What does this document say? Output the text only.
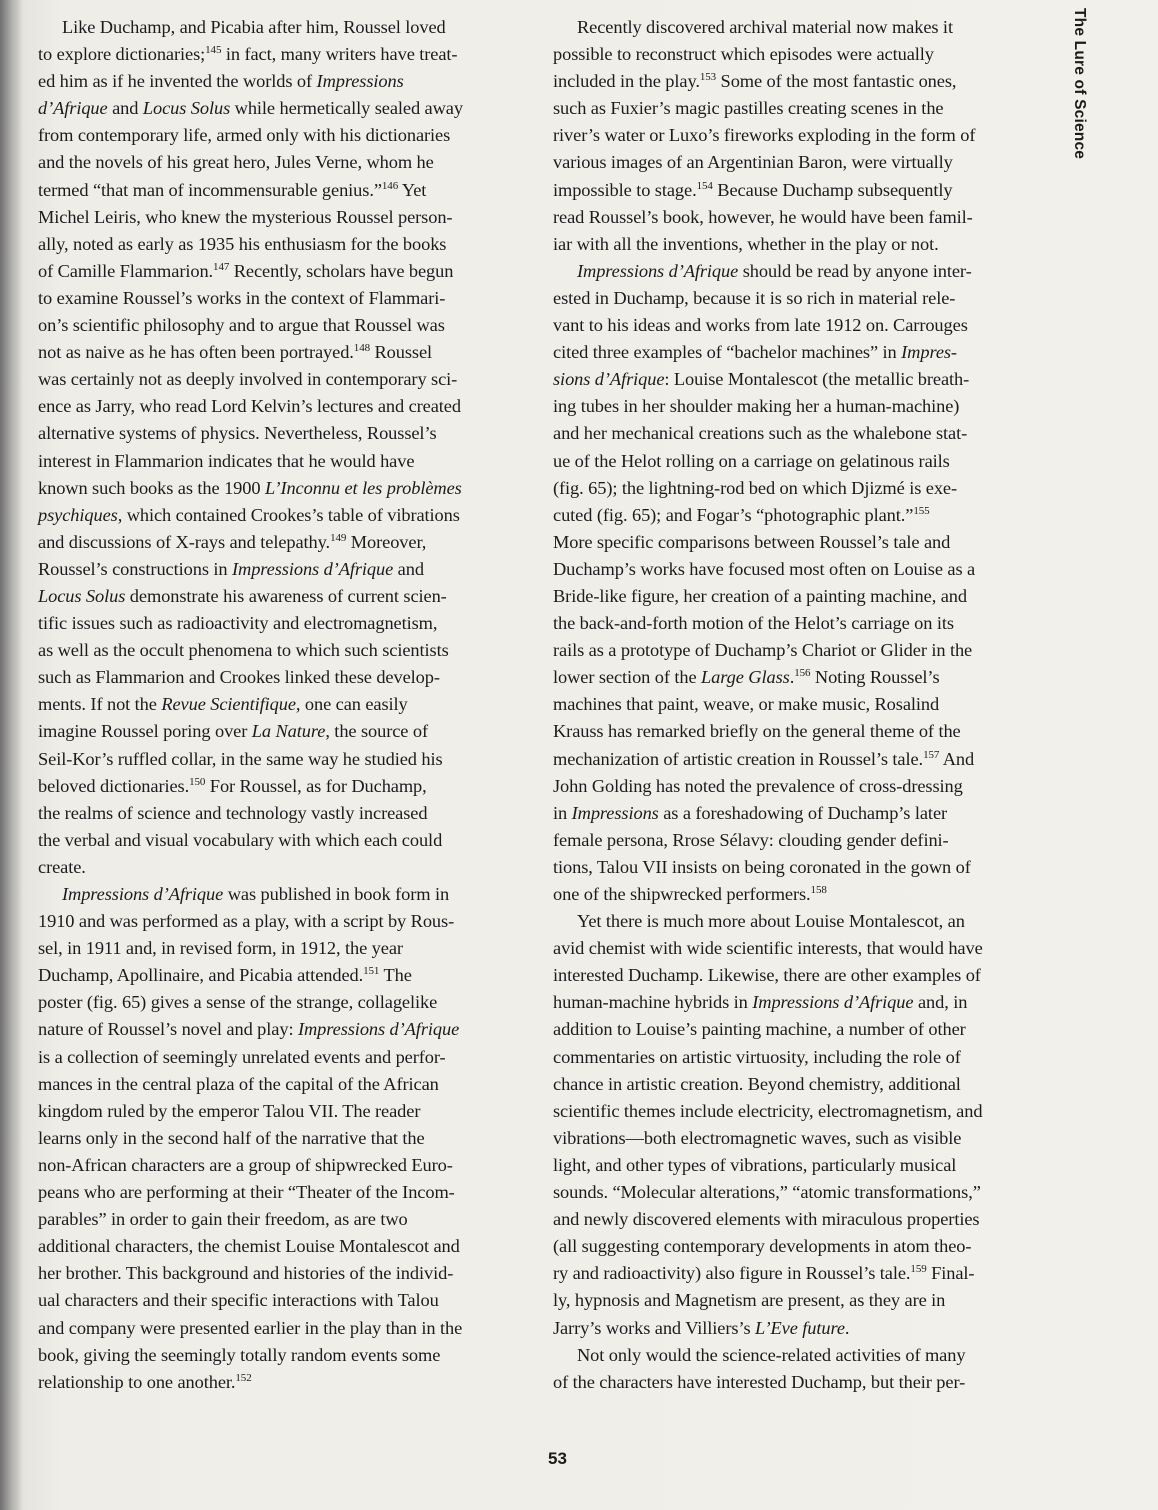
The Lure of Science
Like Duchamp, and Picabia after him, Roussel loved
to explore dictionaries;$^{145}$ in fact, many writers have treat-
ed him as if he invented the worlds of Impressions
d’Afrique and Locus Solus while hermetically sealed away
from contemporary life, armed only with his dictionaries
and the novels of his great hero, Jules Verne, whom he
termed “that man of incommensurable genius.”$^{146}$ Yet
Michel Leiris, who knew the mysterious Roussel person-
ally, noted as early as 1935 his enthusiasm for the books
of Camille Flammarion.$^{147}$ Recently, scholars have begun
to examine Roussel’s works in the context of Flammari-
on’s scientific philosophy and to argue that Roussel was
not as naive as he has often been portrayed.$^{148}$ Roussel
was certainly not as deeply involved in contemporary sci-
ence as Jarry, who read Lord Kelvin’s lectures and created
alternative systems of physics. Nevertheless, Roussel’s
interest in Flammarion indicates that he would have
known such books as the 1900 L’Inconnu et les problèmes
psychiques, which contained Crookes’s table of vibrations
and discussions of X-rays and telepathy.$^{149}$ Moreover,
Roussel’s constructions in Impressions d’Afrique and
Locus Solus demonstrate his awareness of current scien-
tific issues such as radioactivity and electromagnetism,
as well as the occult phenomena to which such scientists
such as Flammarion and Crookes linked these develop-
ments. If not the Revue Scientifique, one can easily
imagine Roussel poring over La Nature, the source of
Seil-Kor’s ruffled collar, in the same way he studied his
beloved dictionaries.$^{150}$ For Roussel, as for Duchamp,
the realms of science and technology vastly increased
the verbal and visual vocabulary with which each could
create.
Impressions d’Afrique was published in book form in
1910 and was performed as a play, with a script by Rous-
sel, in 1911 and, in revised form, in 1912, the year
Duchamp, Apollinaire, and Picabia attended.$^{151}$ The
poster (fig. 65) gives a sense of the strange, collagelike
nature of Roussel’s novel and play: Impressions d’Afrique
is a collection of seemingly unrelated events and perfor-
mances in the central plaza of the capital of the African
kingdom ruled by the emperor Talou VII. The reader
learns only in the second half of the narrative that the
non-African characters are a group of shipwrecked Euro-
peans who are performing at their “Theater of the Incom-
parables” in order to gain their freedom, as are two
additional characters, the chemist Louise Montalescot and
her brother. This background and histories of the individ-
ual characters and their specific interactions with Talou
and company were presented earlier in the play than in the
book, giving the seemingly totally random events some
relationship to one another.$^{152}$
Recently discovered archival material now makes it
possible to reconstruct which episodes were actually
included in the play.$^{153}$ Some of the most fantastic ones,
such as Fuxier’s magic pastilles creating scenes in the
river’s water or Luxo’s fireworks exploding in the form of
various images of an Argentinian Baron, were virtually
impossible to stage.$^{154}$ Because Duchamp subsequently
read Roussel’s book, however, he would have been famil-
iar with all the inventions, whether in the play or not.
Impressions d’Afrique should be read by anyone inter-
ested in Duchamp, because it is so rich in material rele-
vant to his ideas and works from late 1912 on. Carrouges
cited three examples of “bachelor machines” in Impres-
sions d’Afrique: Louise Montalescot (the metallic breath-
ing tubes in her shoulder making her a human-machine)
and her mechanical creations such as the whalebone stat-
ue of the Helot rolling on a carriage on gelatinous rails
(fig. 65); the lightning-rod bed on which Djizmé is exe-
cuted (fig. 65); and Fogar’s “photographic plant.”$^{155}$
More specific comparisons between Roussel’s tale and
Duchamp’s works have focused most often on Louise as a
Bride-like figure, her creation of a painting machine, and
the back-and-forth motion of the Helot’s carriage on its
rails as a prototype of Duchamp’s Chariot or Glider in the
lower section of the Large Glass.$^{156}$ Noting Roussel’s
machines that paint, weave, or make music, Rosalind
Krauss has remarked briefly on the general theme of the
mechanization of artistic creation in Roussel’s tale.$^{157}$ And
John Golding has noted the prevalence of cross-dressing
in Impressions as a foreshadowing of Duchamp’s later
female persona, Rrose Sélavy: clouding gender defini-
tions, Talou VII insists on being coronated in the gown of
one of the shipwrecked performers.$^{158}$
Yet there is much more about Louise Montalescot, an
avid chemist with wide scientific interests, that would have
interested Duchamp. Likewise, there are other examples of
human-machine hybrids in Impressions d’Afrique and, in
addition to Louise’s painting machine, a number of other
commentaries on artistic virtuosity, including the role of
chance in artistic creation. Beyond chemistry, additional
scientific themes include electricity, electromagnetism, and
vibrations—both electromagnetic waves, such as visible
light, and other types of vibrations, particularly musical
sounds. “Molecular alterations,” “atomic transformations,”
and newly discovered elements with miraculous properties
(all suggesting contemporary developments in atom theo-
ry and radioactivity) also figure in Roussel’s tale.$^{159}$ Final-
ly, hypnosis and Magnetism are present, as they are in
Jarry’s works and Villiers’s L’Eve future.
Not only would the science-related activities of many
of the characters have interested Duchamp, but their per-
53
